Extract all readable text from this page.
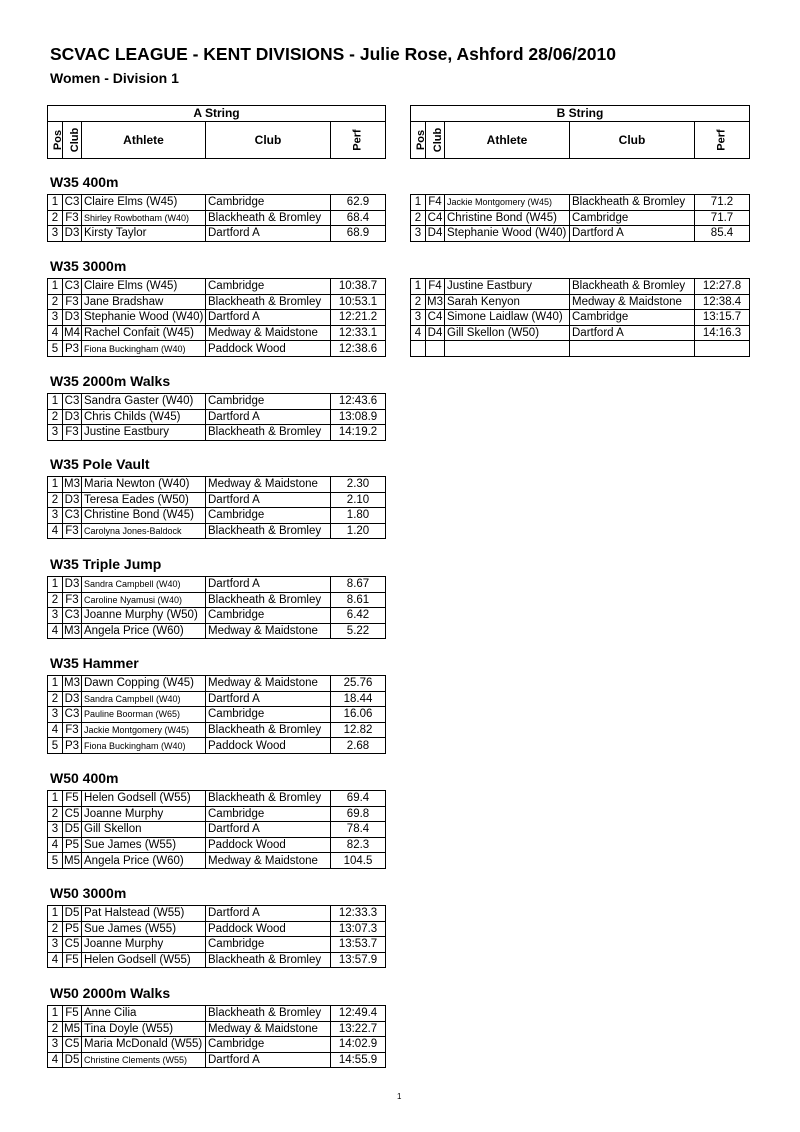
SCVAC LEAGUE - KENT DIVISIONS - Julie Rose, Ashford 28/06/2010
Women - Division 1
A String
Pos	Club	Athlete	Club	Perf
B String
Pos	Club	Athlete	Club	Perf
W35 400m
1	C3	Claire Elms (W45)	Cambridge	62.9
2	F3	Shirley Rowbotham (W40)	Blackheath & Bromley	68.4
3	D3	Kirsty Taylor	Dartford A	68.9
1	F4	Jackie Montgomery (W45)	Blackheath & Bromley	71.2
2	C4	Christine Bond (W45)	Cambridge	71.7
3	D4	Stephanie Wood (W40)	Dartford A	85.4
W35 3000m
1	C3	Claire Elms (W45)	Cambridge	10:38.7
2	F3	Jane Bradshaw	Blackheath & Bromley	10:53.1
3	D3	Stephanie Wood (W40)	Dartford A	12:21.2
4	M4	Rachel Confait (W45)	Medway & Maidstone	12:33.1
5	P3	Fiona Buckingham (W40)	Paddock Wood	12:38.6
1	F4	Justine Eastbury	Blackheath & Bromley	12:27.8
2	M3	Sarah Kenyon	Medway & Maidstone	12:38.4
3	C4	Simone Laidlaw (W40)	Cambridge	13:15.7
4	D4	Gill Skellon (W50)	Dartford A	14:16.3

W35 2000m Walks
1	C3	Sandra Gaster (W40)	Cambridge	12:43.6
2	D3	Chris Childs (W45)	Dartford A	13:08.9
3	F3	Justine Eastbury	Blackheath & Bromley	14:19.2
W35 Pole Vault
1	M3	Maria Newton (W40)	Medway & Maidstone	2.30
2	D3	Teresa Eades (W50)	Dartford A	2.10
3	C3	Christine Bond (W45)	Cambridge	1.80
4	F3	Carolyna Jones-Baldock	Blackheath & Bromley	1.20
W35 Triple Jump
1	D3	Sandra Campbell (W40)	Dartford A	8.67
2	F3	Caroline Nyamusi (W40)	Blackheath & Bromley	8.61
3	C3	Joanne Murphy (W50)	Cambridge	6.42
4	M3	Angela Price (W60)	Medway & Maidstone	5.22
W35 Hammer
1	M3	Dawn Copping (W45)	Medway & Maidstone	25.76
2	D3	Sandra Campbell (W40)	Dartford A	18.44
3	C3	Pauline Boorman (W65)	Cambridge	16.06
4	F3	Jackie Montgomery (W45)	Blackheath & Bromley	12.82
5	P3	Fiona Buckingham (W40)	Paddock Wood	2.68
W50 400m
1	F5	Helen Godsell (W55)	Blackheath & Bromley	69.4
2	C5	Joanne Murphy	Cambridge	69.8
3	D5	Gill Skellon	Dartford A	78.4
4	P5	Sue James (W55)	Paddock Wood	82.3
5	M5	Angela Price (W60)	Medway & Maidstone	104.5
W50 3000m
1	D5	Pat Halstead (W55)	Dartford A	12:33.3
2	P5	Sue James (W55)	Paddock Wood	13:07.3
3	C5	Joanne Murphy	Cambridge	13:53.7
4	F5	Helen Godsell (W55)	Blackheath & Bromley	13:57.9
W50 2000m Walks
1	F5	Anne Cilia	Blackheath & Bromley	12:49.4
2	M5	Tina Doyle (W55)	Medway & Maidstone	13:22.7
3	C5	Maria McDonald (W55)	Cambridge	14:02.9
4	D5	Christine Clements (W55)	Dartford A	14:55.9
1
